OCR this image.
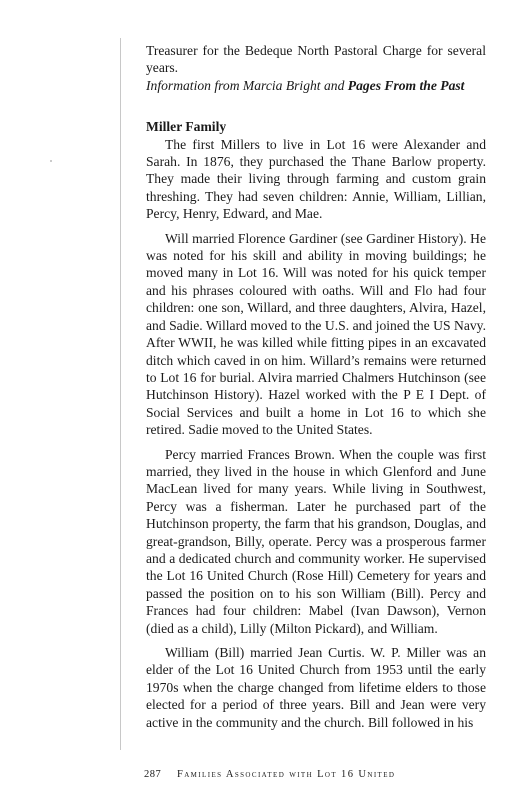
Treasurer for the Bedeque North Pastoral Charge for several years.

Information from Marcia Bright and Pages From the Past

Miller Family

The first Millers to live in Lot 16 were Alexander and Sarah. In 1876, they purchased the Thane Barlow property. They made their living through farming and custom grain threshing. They had seven children: Annie, William, Lillian, Percy, Henry, Edward, and Mae.

Will married Florence Gardiner (see Gardiner History). He was noted for his skill and ability in moving buildings; he moved many in Lot 16. Will was noted for his quick temper and his phrases coloured with oaths. Will and Flo had four children: one son, Willard, and three daughters, Alvira, Hazel, and Sadie. Willard moved to the U.S. and joined the US Navy. After WWII, he was killed while fitting pipes in an excavated ditch which caved in on him. Willard’s remains were returned to Lot 16 for burial. Alvira married Chalmers Hutchinson (see Hutchinson History). Hazel worked with the P E I Dept. of Social Services and built a home in Lot 16 to which she retired. Sadie moved to the United States.

Percy married Frances Brown. When the couple was first married, they lived in the house in which Glenford and June MacLean lived for many years. While living in Southwest, Percy was a fisherman. Later he purchased part of the Hutchinson property, the farm that his grandson, Douglas, and great-grandson, Billy, operate. Percy was a prosperous farmer and a dedicated church and community worker. He supervised the Lot 16 United Church (Rose Hill) Cemetery for years and passed the position on to his son William (Bill). Percy and Frances had four children: Mabel (Ivan Dawson), Vernon (died as a child), Lilly (Milton Pickard), and William.

William (Bill) married Jean Curtis. W. P. Miller was an elder of the Lot 16 United Church from 1953 until the early 1970s when the charge changed from lifetime elders to those elected for a period of three years. Bill and Jean were very active in the community and the church. Bill followed in his

287 Families Associated with Lot 16 United
